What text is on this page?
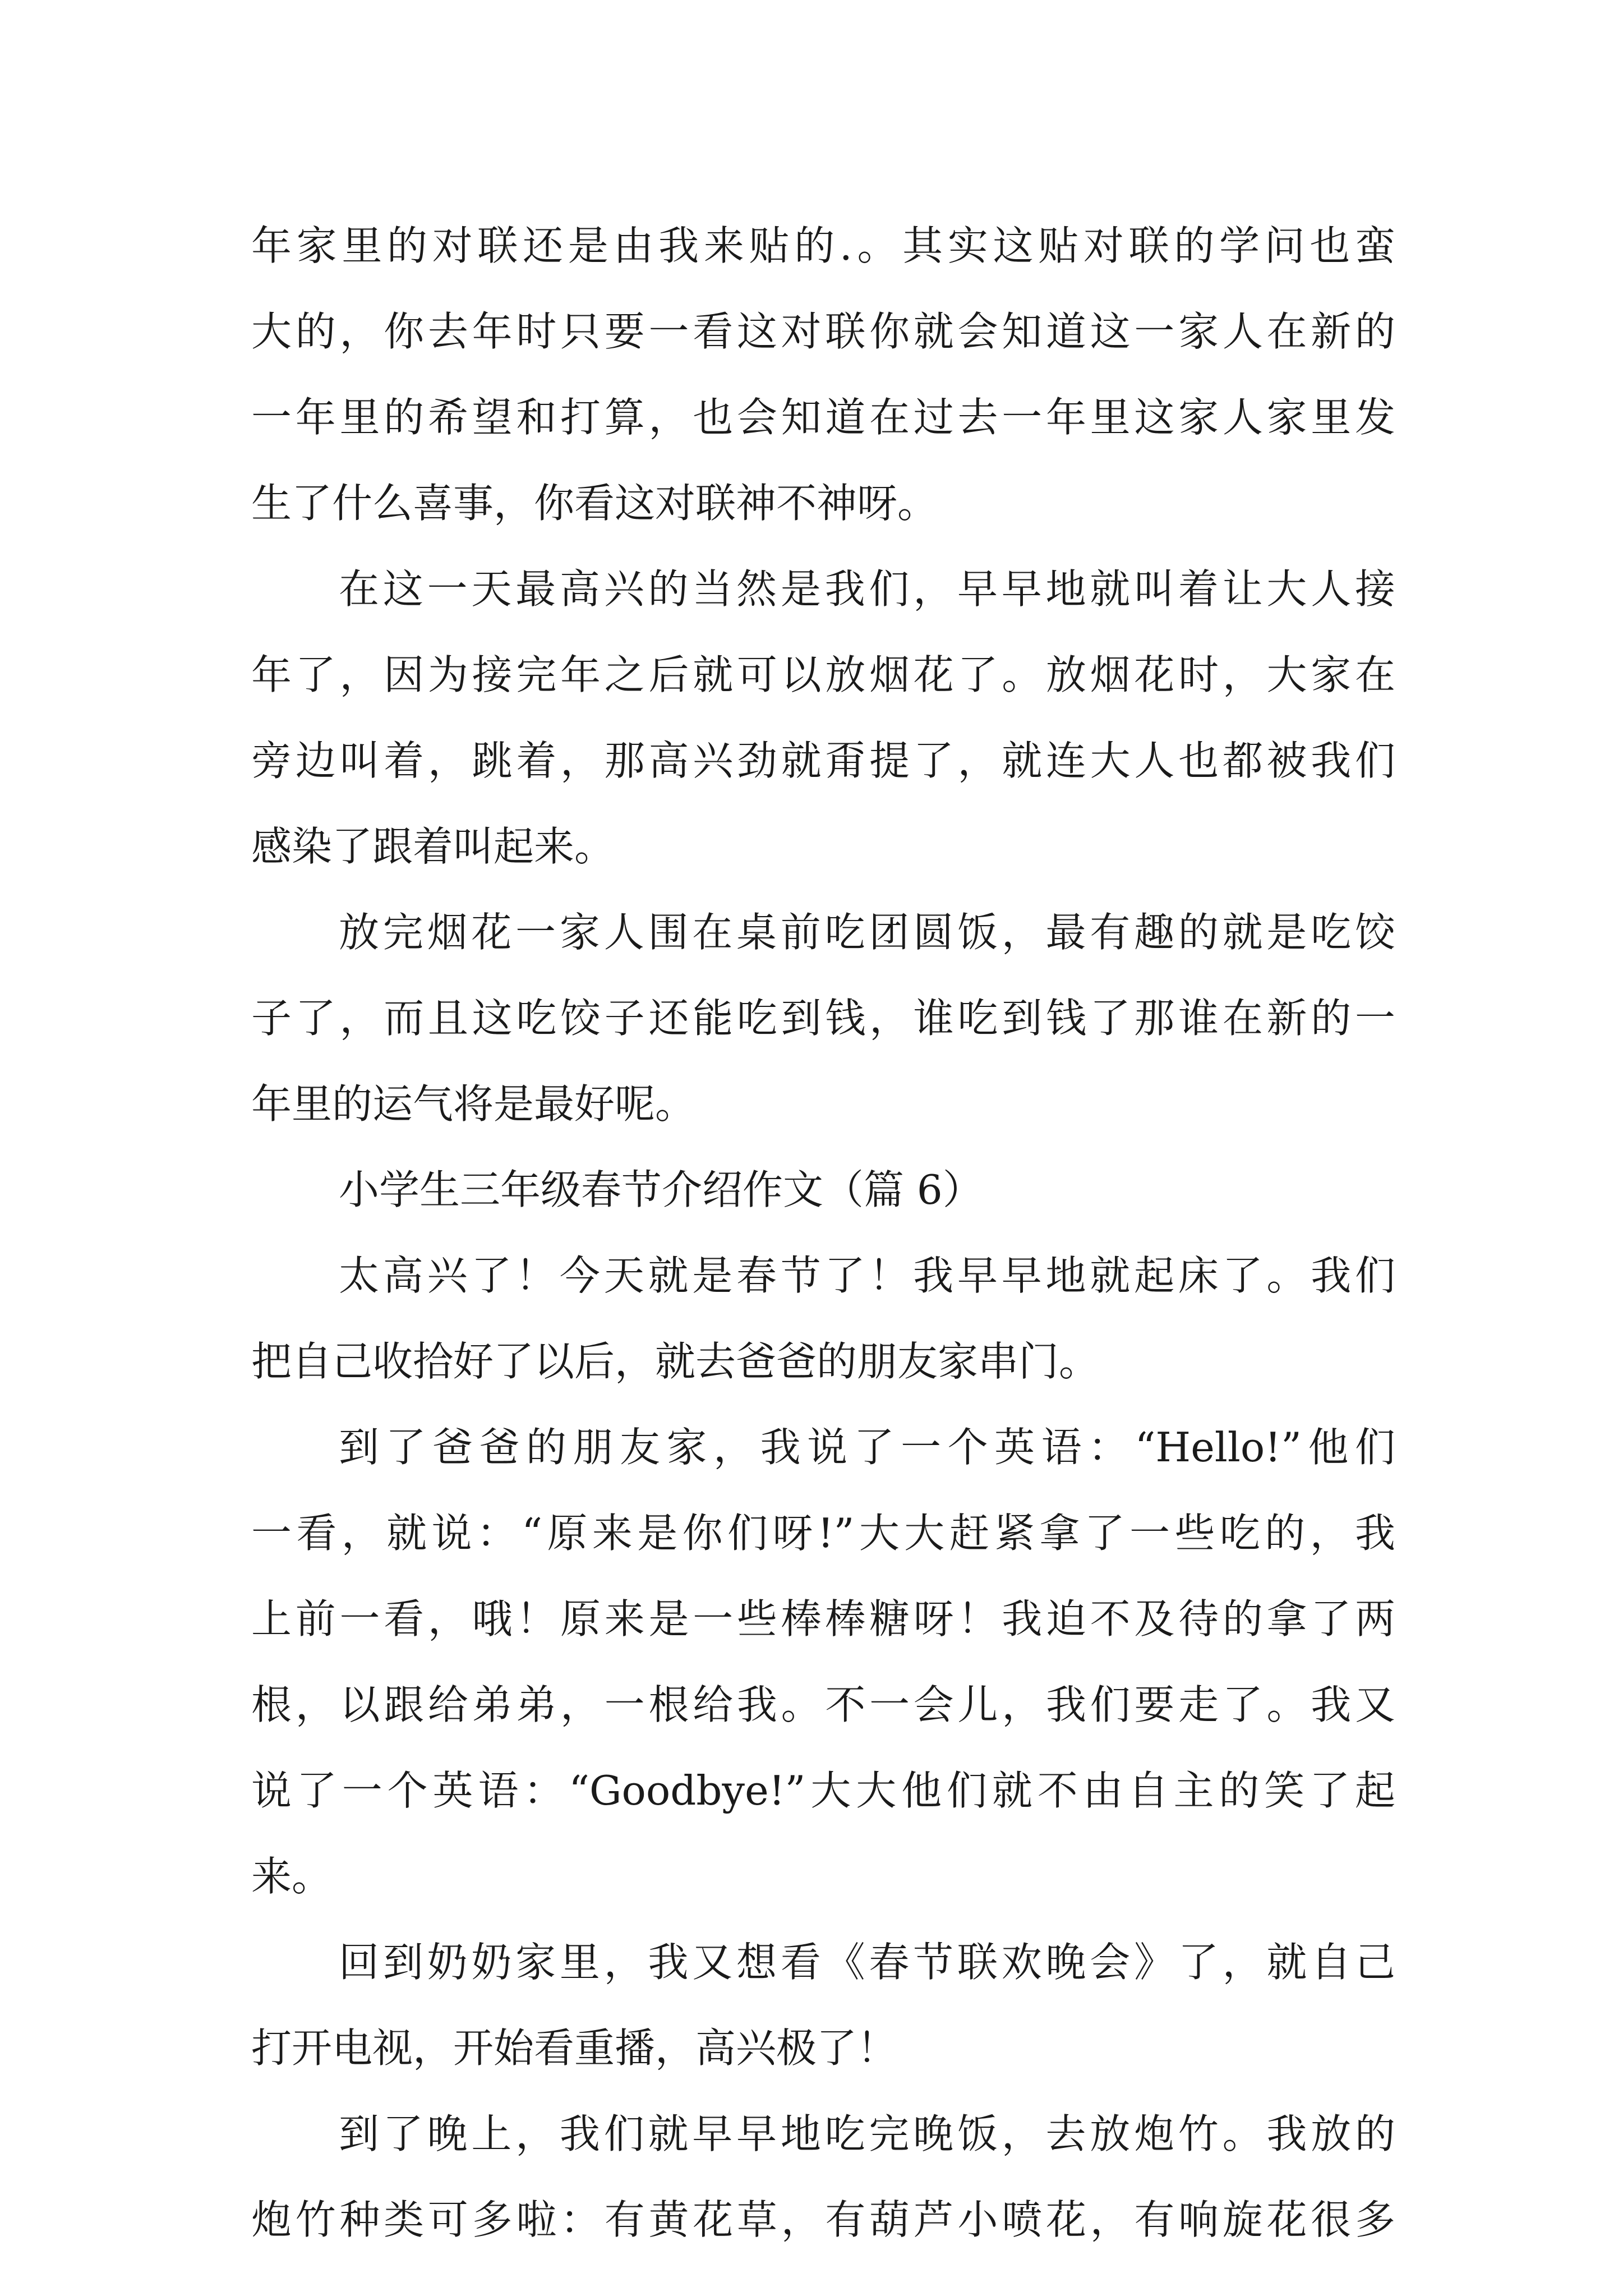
年家里的对联还是由我来贴的.。其实这贴对联的学问也蛮
大的，你去年时只要一看这对联你就会知道这一家人在新的
一年里的希望和打算，也会知道在过去一年里这家人家里发
生了什么喜事，你看这对联神不神呀。
在这一天最高兴的当然是我们，早早地就叫着让大人接
年了，因为接完年之后就可以放烟花了。放烟花时，大家在
旁边叫着，跳着，那高兴劲就甭提了，就连大人也都被我们
感染了跟着叫起来。
放完烟花一家人围在桌前吃团圆饭，最有趣的就是吃饺
子了，而且这吃饺子还能吃到钱，谁吃到钱了那谁在新的一
年里的运气将是最好呢。
小学生三年级春节介绍作文（篇 6）
太高兴了！今天就是春节了！我早早地就起床了。我们
把自己收拾好了以后，就去爸爸的朋友家串门。
到了爸爸的朋友家，我说了一个英语：“Hello!”他们
一看，就说：“原来是你们呀!”大大赶紧拿了一些吃的，我
上前一看，哦！原来是一些棒棒糖呀！我迫不及待的拿了两
根，以跟给弟弟，一根给我。不一会儿，我们要走了。我又
说了一个英语：“Goodbye!”大大他们就不由自主的笑了起
来。
回到奶奶家里，我又想看《春节联欢晚会》了，就自己
打开电视，开始看重播，高兴极了！
到了晚上，我们就早早地吃完晚饭，去放炮竹。我放的
炮竹种类可多啦：有黄花草，有葫芦小喷花，有响旋花很多
